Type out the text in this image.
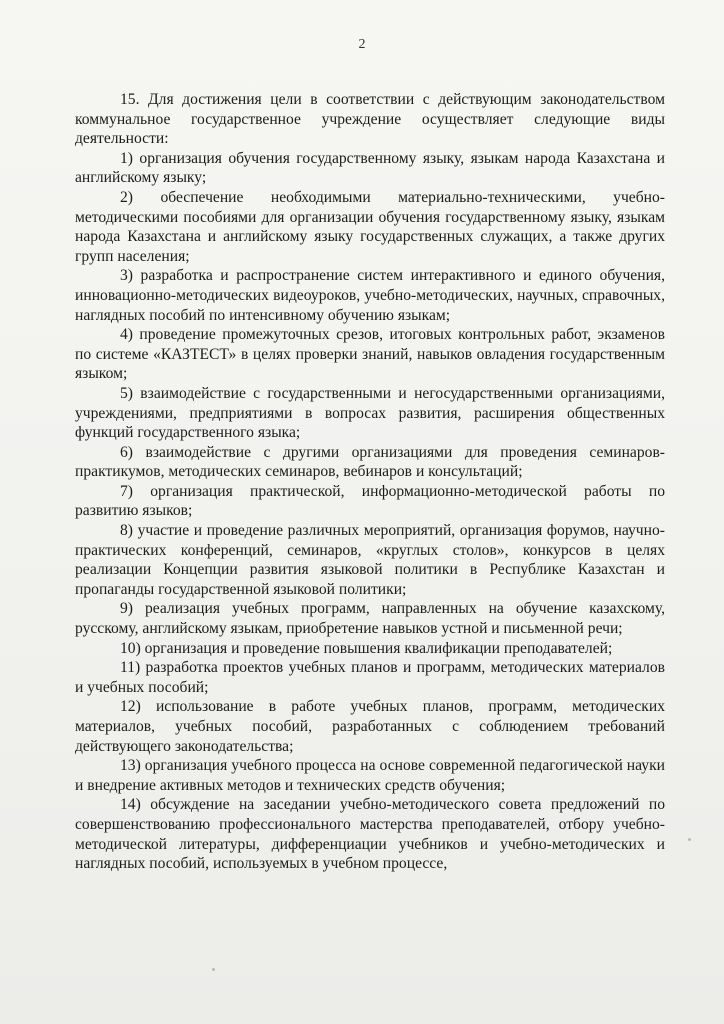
2

15. Для достижения цели в соответствии с действующим законодательством коммунальное государственное учреждение осуществляет следующие виды деятельности:

1) организация обучения государственному языку, языкам народа Казахстана и английскому языку;

2) обеспечение необходимыми материально-техническими, учебно-методическими пособиями для организации обучения государственному языку, языкам народа Казахстана и английскому языку государственных служащих, а также других групп населения;

3) разработка и распространение систем интерактивного и единого обучения, инновационно-методических видеоуроков, учебно-методических, научных, справочных, наглядных пособий по интенсивному обучению языкам;

4) проведение промежуточных срезов, итоговых контрольных работ, экзаменов по системе «КАЗТЕСТ» в целях проверки знаний, навыков овладения государственным языком;

5) взаимодействие с государственными и негосударственными организациями, учреждениями, предприятиями в вопросах развития, расширения общественных функций государственного языка;

6) взаимодействие с другими организациями для проведения семинаров-практикумов, методических семинаров, вебинаров и консультаций;

7) организация практической, информационно-методической работы по развитию языков;

8) участие и проведение различных мероприятий, организация форумов, научно-практических конференций, семинаров, «круглых столов», конкурсов в целях реализации Концепции развития языковой политики в Республике Казахстан и пропаганды государственной языковой политики;

9) реализация учебных программ, направленных на обучение казахскому, русскому, английскому языкам, приобретение навыков устной и письменной речи;

10) организация и проведение повышения квалификации преподавателей;

11) разработка проектов учебных планов и программ, методических материалов и учебных пособий;

12) использование в работе учебных планов, программ, методических материалов, учебных пособий, разработанных с соблюдением требований действующего законодательства;

13) организация учебного процесса на основе современной педагогической науки и внедрение активных методов и технических средств обучения;

14) обсуждение на заседании учебно-методического совета предложений по совершенствованию профессионального мастерства преподавателей, отбору учебно-методической литературы, дифференциации учебников и учебно-методических и наглядных пособий, используемых в учебном процессе,
